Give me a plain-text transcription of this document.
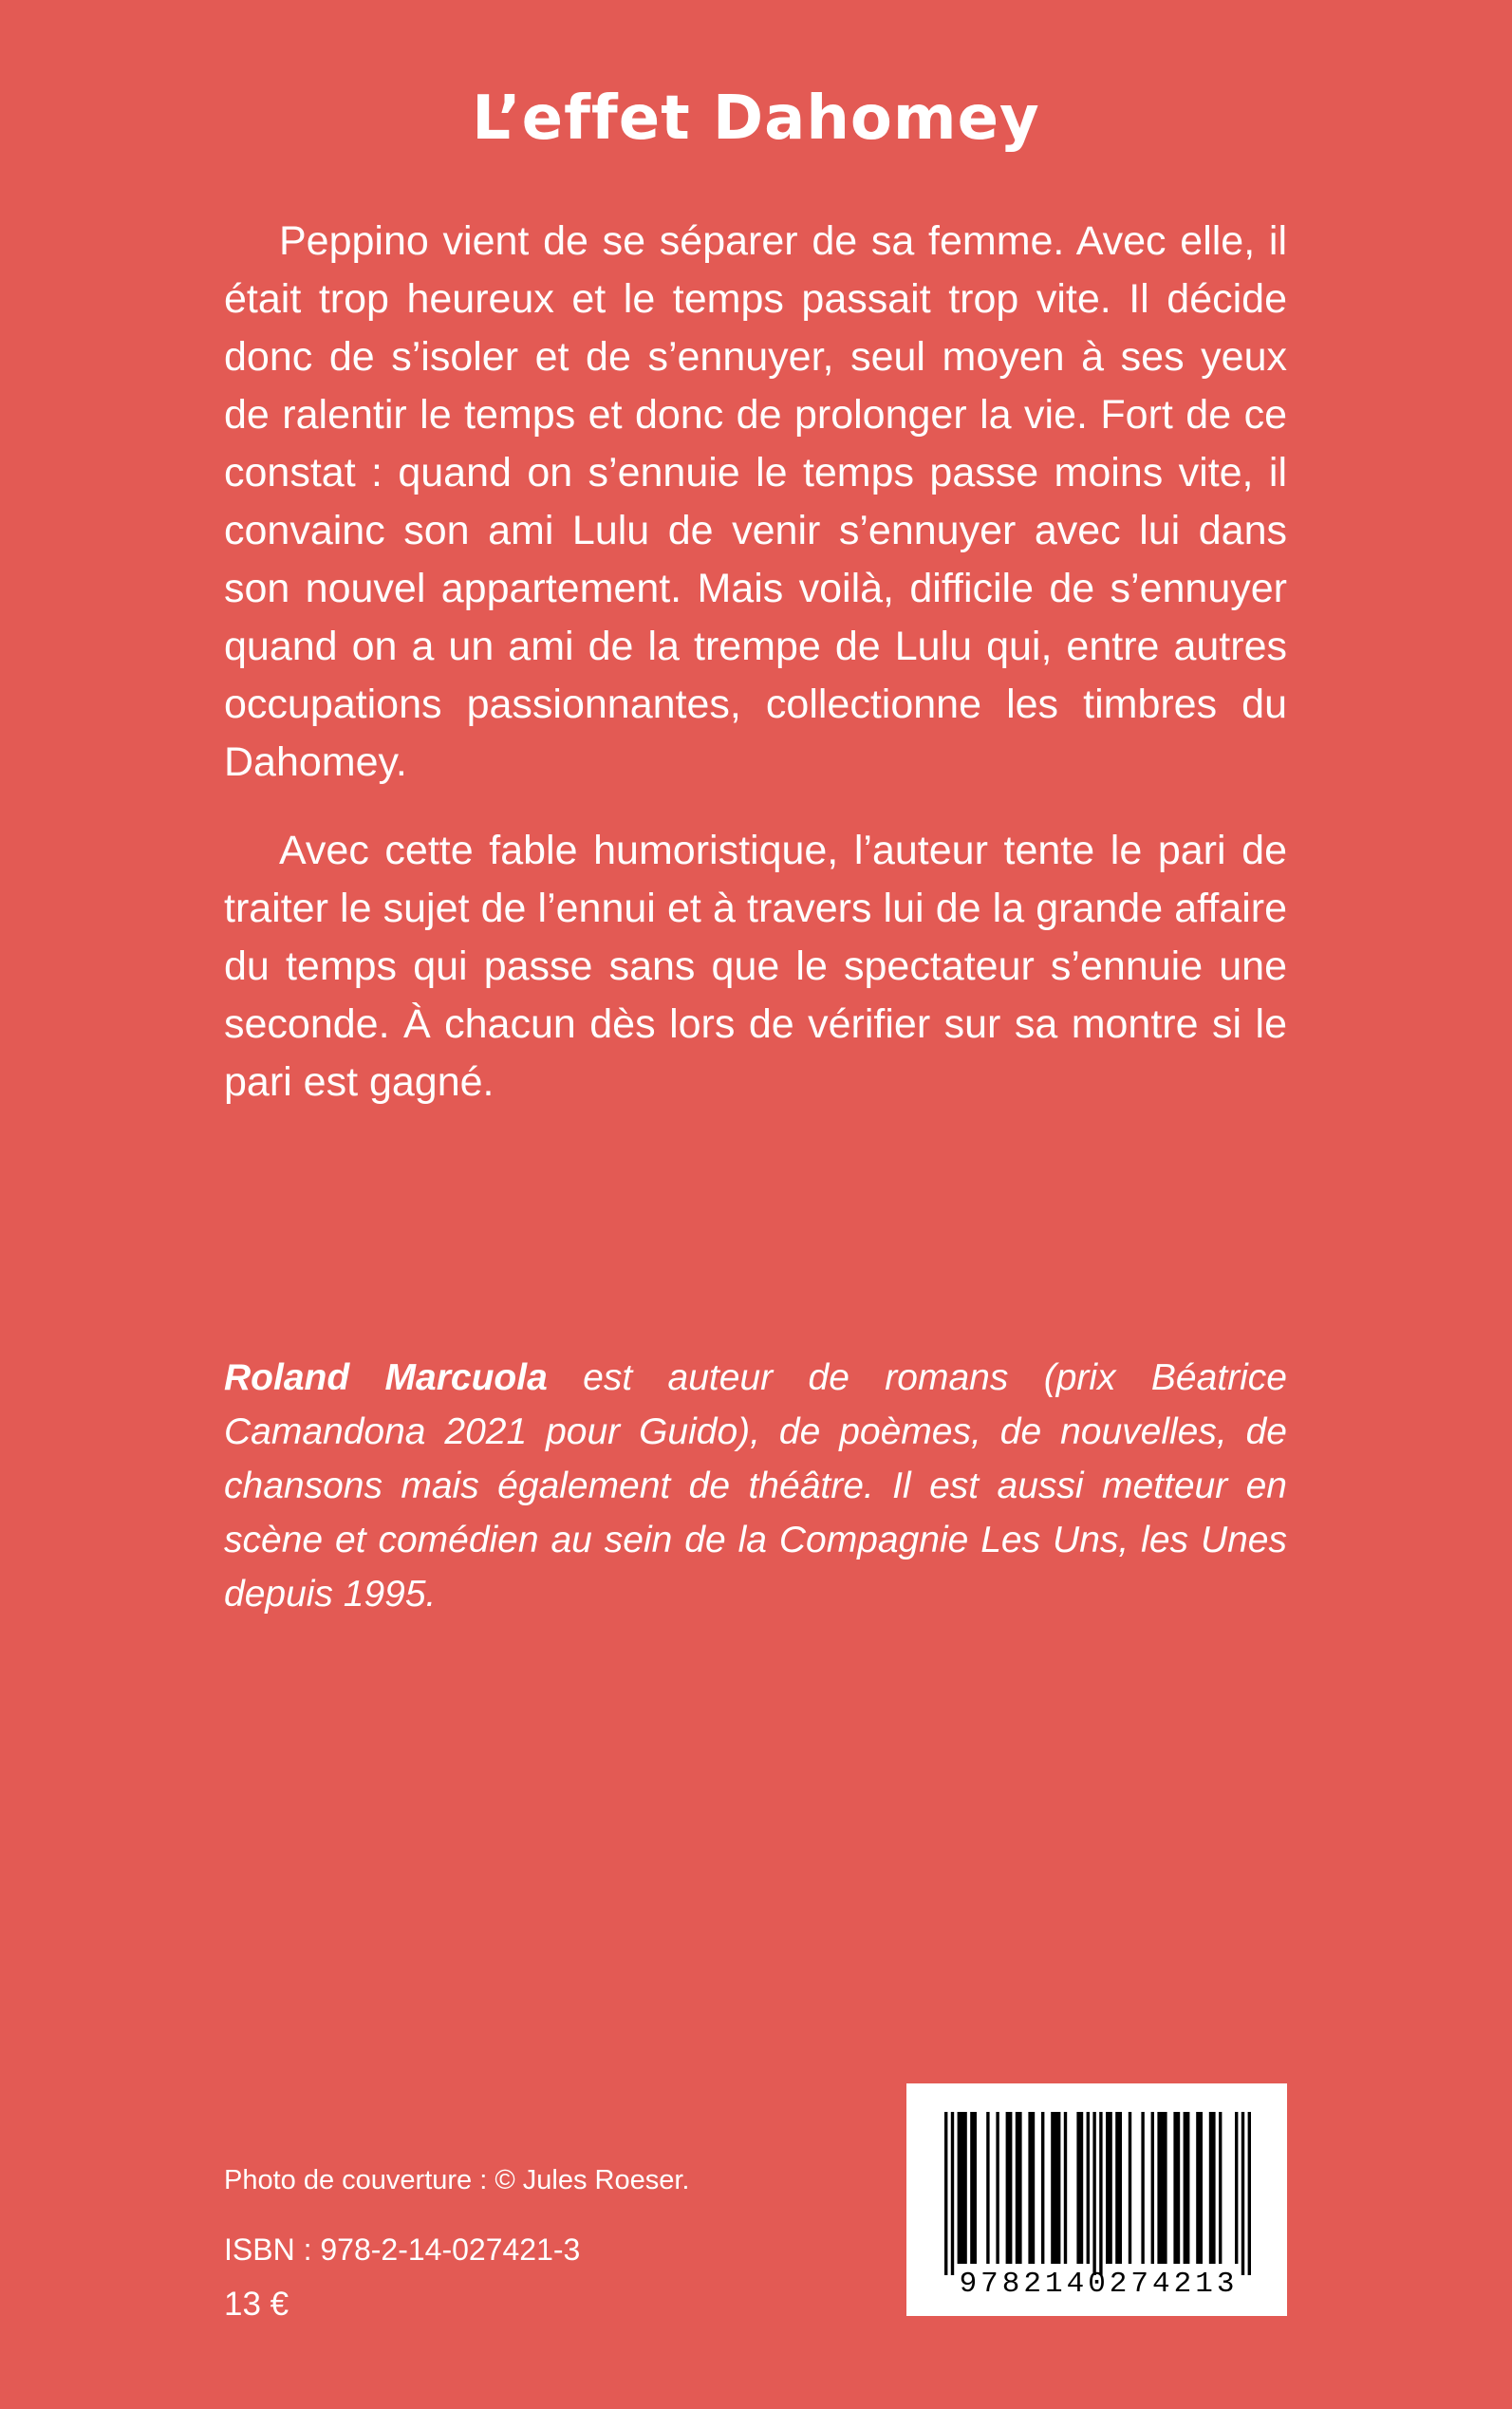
L’effet Dahomey

Peppino vient de se séparer de sa femme. Avec elle, il était trop heureux et le temps passait trop vite. Il décide donc de s’isoler et de s’ennuyer, seul moyen à ses yeux de ralentir le temps et donc de prolonger la vie. Fort de ce constat : quand on s’ennuie le temps passe moins vite, il convainc son ami Lulu de venir s’ennuyer avec lui dans son nouvel appartement. Mais voilà, difficile de s’ennuyer quand on a un ami de la trempe de Lulu qui, entre autres occupations passionnantes, collectionne les timbres du Dahomey.

Avec cette fable humoristique, l’auteur tente le pari de traiter le sujet de l’ennui et à travers lui de la grande affaire du temps qui passe sans que le spectateur s’ennuie une seconde. À chacun dès lors de vérifier sur sa montre si le pari est gagné.

Roland Marcuola est auteur de romans (prix Béatrice Camandona 2021 pour Guido), de poèmes, de nouvelles, de chansons mais également de théâtre. Il est aussi metteur en scène et comédien au sein de la Compagnie Les Uns, les Unes depuis 1995.

Photo de couverture : © Jules Roeser.

ISBN : 978-2-14-027421-3

13 €

9782140274213
